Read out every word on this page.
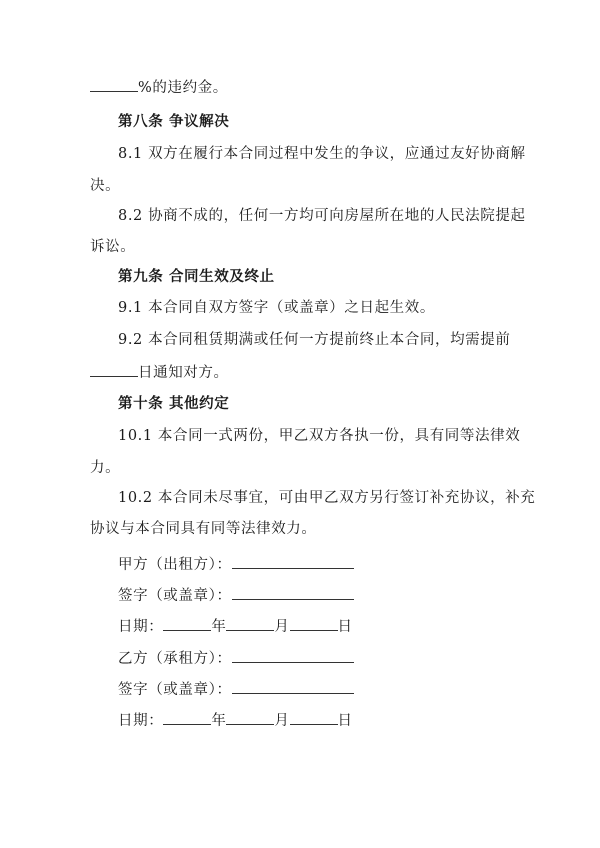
%的违约金。
第八条 争议解决
8.1 双方在履行本合同过程中发生的争议，应通过友好协商解
决。
8.2 协商不成的，任何一方均可向房屋所在地的人民法院提起
诉讼。
第九条 合同生效及终止
9.1 本合同自双方签字（或盖章）之日起生效。
9.2 本合同租赁期满或任何一方提前终止本合同，均需提前
日通知对方。
第十条 其他约定
10.1 本合同一式两份，甲乙双方各执一份，具有同等法律效
力。
10.2 本合同未尽事宜，可由甲乙双方另行签订补充协议，补充
协议与本合同具有同等法律效力。
甲方（出租方）：
签字（或盖章）：
日期：	年	月	日
乙方（承租方）：
签字（或盖章）：
日期：	年	月	日
